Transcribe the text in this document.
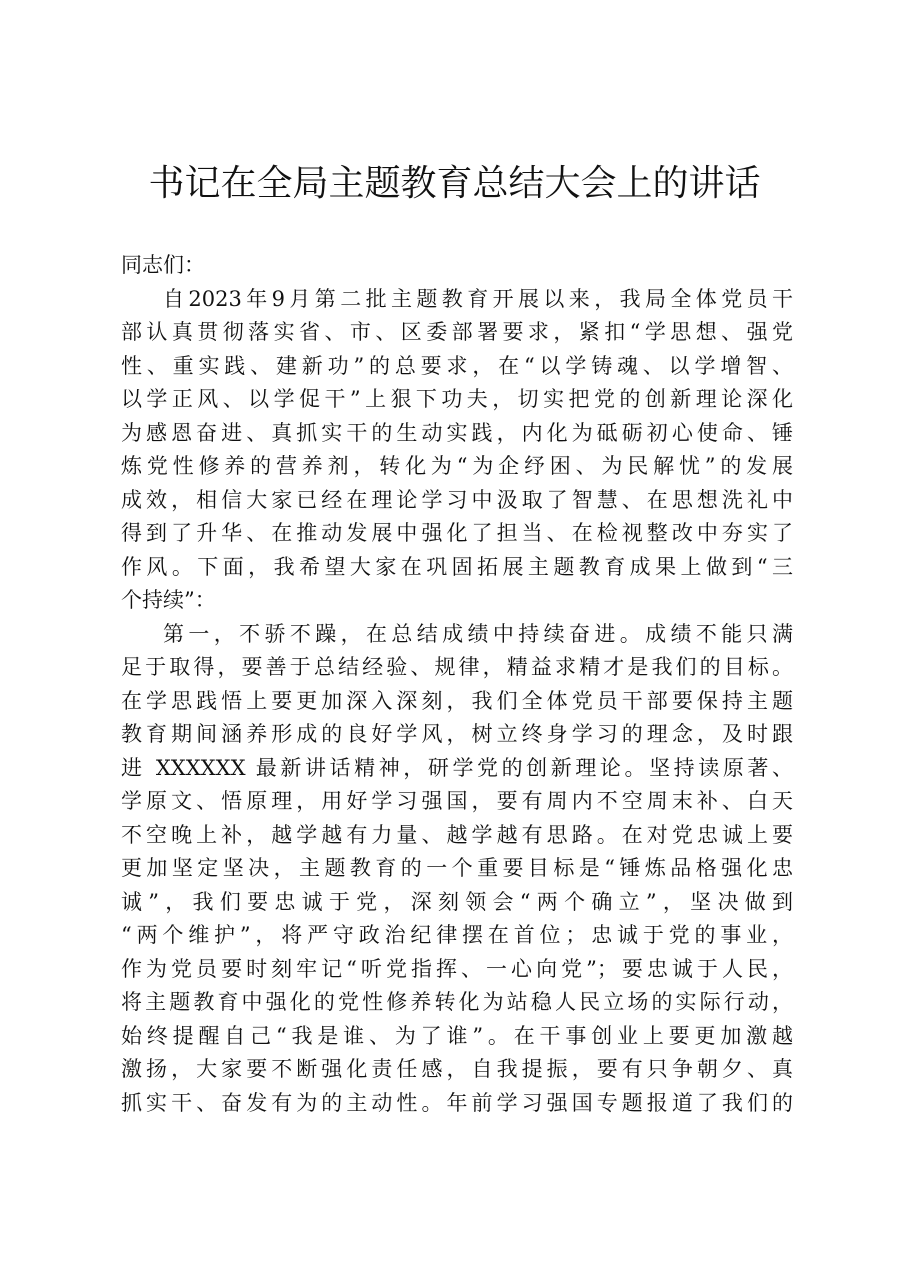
书记在全局主题教育总结大会上的讲话
同志们：
自2023年9月第二批主题教育开展以来，我局全体党员干
部认真贯彻落实省、市、区委部署要求，紧扣“学思想、强党
性、重实践、建新功”的总要求，在“以学铸魂、以学增智、
以学正风、以学促干”上狠下功夫，切实把党的创新理论深化
为感恩奋进、真抓实干的生动实践，内化为砥砺初心使命、锤
炼党性修养的营养剂，转化为“为企纾困、为民解忧”的发展
成效，相信大家已经在理论学习中汲取了智慧、在思想洗礼中
得到了升华、在推动发展中强化了担当、在检视整改中夯实了
作风。下面，我希望大家在巩固拓展主题教育成果上做到“三
个持续”：
第一，不骄不躁，在总结成绩中持续奋进。成绩不能只满
足于取得，要善于总结经验、规律，精益求精才是我们的目标。
在学思践悟上要更加深入深刻，我们全体党员干部要保持主题
教育期间涵养形成的良好学风，树立终身学习的理念，及时跟
进 XXXXXX 最新讲话精神，研学党的创新理论。坚持读原著、
学原文、悟原理，用好学习强国，要有周内不空周末补、白天
不空晚上补，越学越有力量、越学越有思路。在对党忠诚上要
更加坚定坚决，主题教育的一个重要目标是“锤炼品格强化忠
诚”，我们要忠诚于党，深刻领会“两个确立”，坚决做到
“两个维护”，将严守政治纪律摆在首位；忠诚于党的事业，
作为党员要时刻牢记“听党指挥、一心向党”；要忠诚于人民，
将主题教育中强化的党性修养转化为站稳人民立场的实际行动，
始终提醒自己“我是谁、为了谁”。在干事创业上要更加激越
激扬，大家要不断强化责任感，自我提振，要有只争朝夕、真
抓实干、奋发有为的主动性。年前学习强国专题报道了我们的
